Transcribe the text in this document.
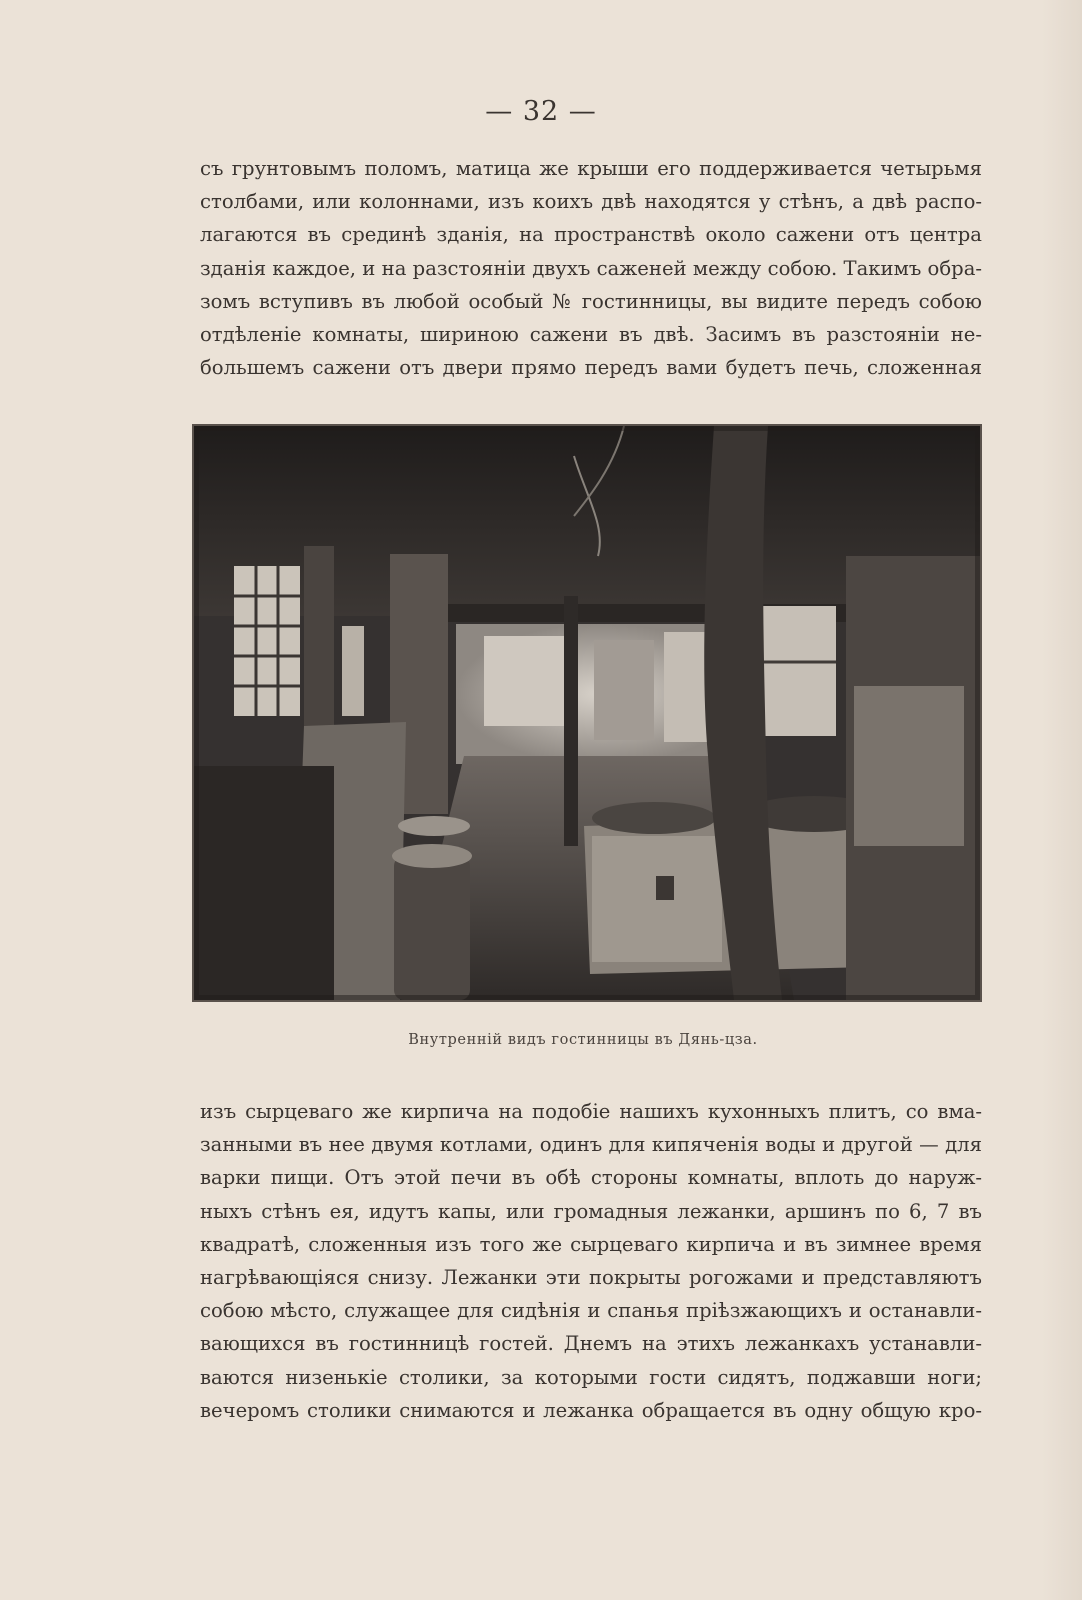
— 32 —
съ грунтовымъ поломъ, матица же крыши его поддерживается четырьмя
столбами, или колоннами, изъ коихъ двѣ находятся у стѣнъ, а двѣ распо-
лагаются въ срединѣ зданія, на пространствѣ около сажени отъ центра
зданія каждое, и на разстояніи двухъ саженей между собою. Такимъ обра-
зомъ вступивъ въ любой особый № гостинницы, вы видите передъ собою
отдѣленіе комнаты, шириною сажени въ двѣ. Засимъ въ разстояніи не-
большемъ сажени отъ двери прямо передъ вами будетъ печь, сложенная
Внутренній видъ гостинницы въ Дянь-цза.
изъ сырцеваго же кирпича на подобіе нашихъ кухонныхъ плитъ, со вма-
занными въ нее двумя котлами, одинъ для кипяченія воды и другой — для
варки пищи. Отъ этой печи въ обѣ стороны комнаты, вплоть до наруж-
ныхъ стѣнъ ея, идутъ капы, или громадныя лежанки, аршинъ по 6, 7 въ
квадратѣ, сложенныя изъ того же сырцеваго кирпича и въ зимнее время
нагрѣвающіяся снизу. Лежанки эти покрыты рогожами и представляютъ
собою мѣсто, служащее для сидѣнія и спанья пріѣзжающихъ и останавли-
вающихся въ гостинницѣ гостей. Днемъ на этихъ лежанкахъ устанавли-
ваются низенькіе столики, за которыми гости сидятъ, поджавши ноги;
вечеромъ столики снимаются и лежанка обращается въ одну общую кро-
